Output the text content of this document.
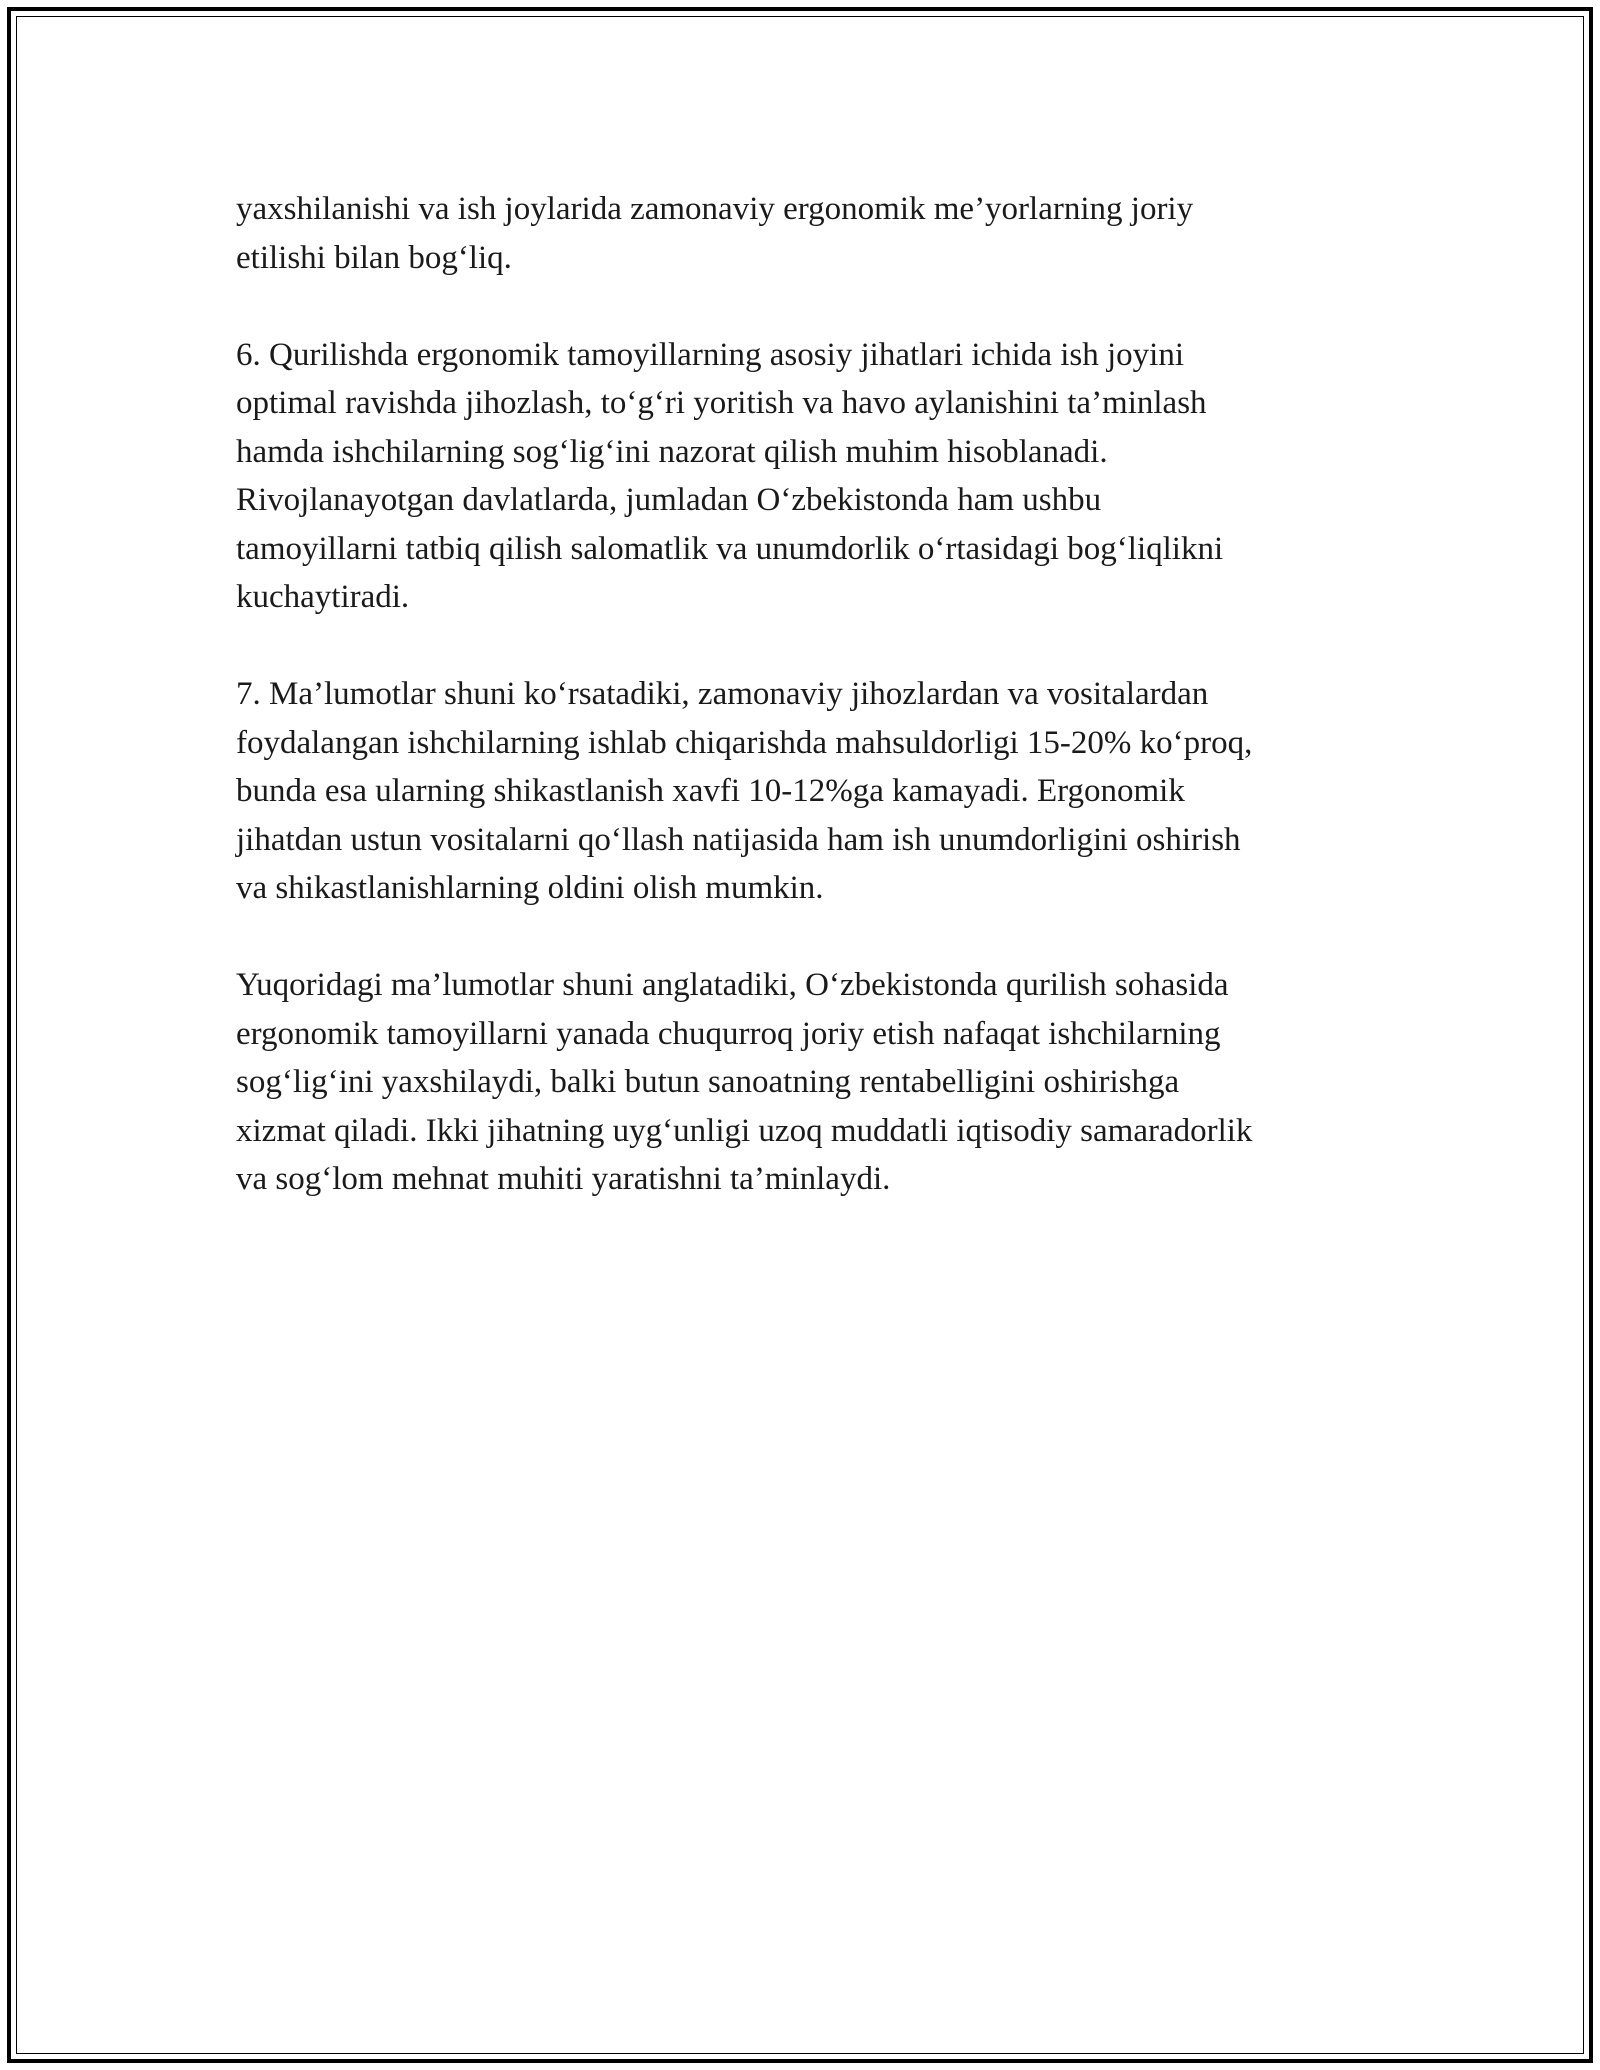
yaxshilanishi va ish joylarida zamonaviy ergonomik me’yorlarning joriy
etilishi bilan bog‘liq.

6. Qurilishda ergonomik tamoyillarning asosiy jihatlari ichida ish joyini
optimal ravishda jihozlash, to‘g‘ri yoritish va havo aylanishini ta’minlash
hamda ishchilarning sog‘lig‘ini nazorat qilish muhim hisoblanadi.
Rivojlanayotgan davlatlarda, jumladan O‘zbekistonda ham ushbu
tamoyillarni tatbiq qilish salomatlik va unumdorlik o‘rtasidagi bog‘liqlikni
kuchaytiradi.

7. Ma’lumotlar shuni ko‘rsatadiki, zamonaviy jihozlardan va vositalardan
foydalangan ishchilarning ishlab chiqarishda mahsuldorligi 15-20% ko‘proq,
bunda esa ularning shikastlanish xavfi 10-12%ga kamayadi. Ergonomik
jihatdan ustun vositalarni qo‘llash natijasida ham ish unumdorligini oshirish
va shikastlanishlarning oldini olish mumkin.

Yuqoridagi ma’lumotlar shuni anglatadiki, O‘zbekistonda qurilish sohasida
ergonomik tamoyillarni yanada chuqurroq joriy etish nafaqat ishchilarning
sog‘lig‘ini yaxshilaydi, balki butun sanoatning rentabelligini oshirishga
xizmat qiladi. Ikki jihatning uyg‘unligi uzoq muddatli iqtisodiy samaradorlik
va sog‘lom mehnat muhiti yaratishni ta’minlaydi.
